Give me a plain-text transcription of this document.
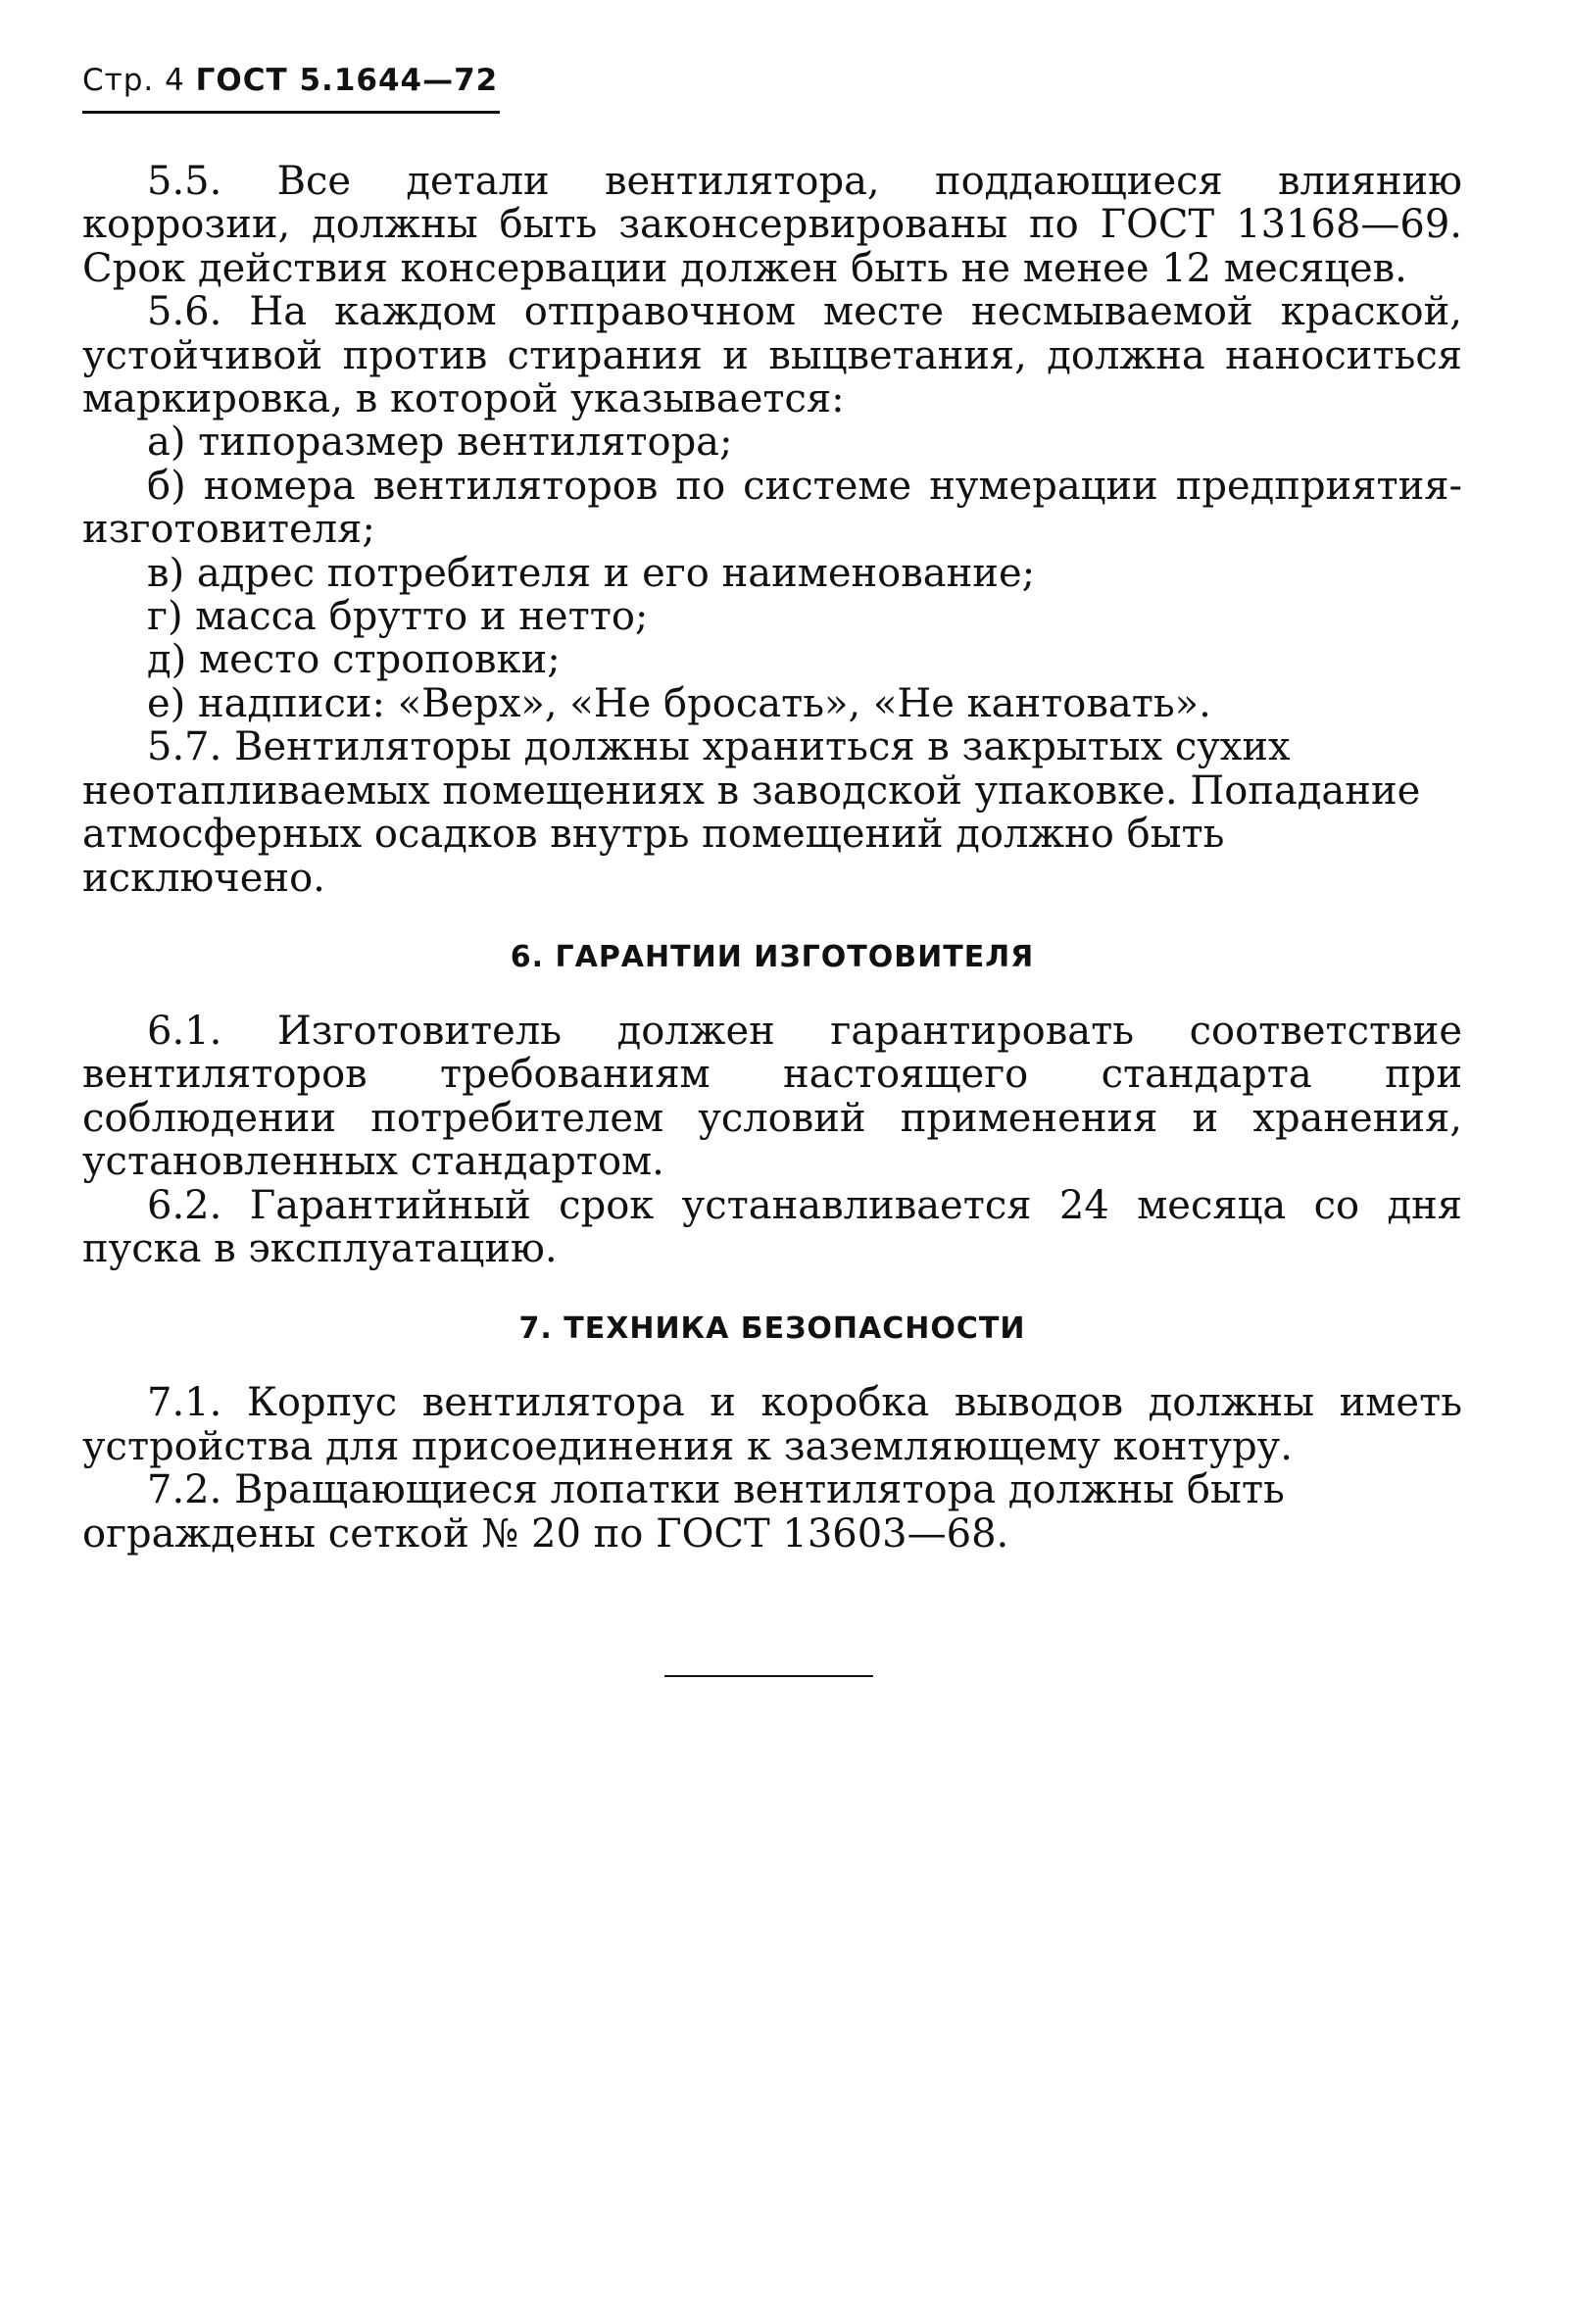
Стр. 4 ГОСТ 5.1644—72

5.5. Все детали вентилятора, поддающиеся влиянию коррозии, должны быть законсервированы по ГОСТ 13168—69. Срок действия консервации должен быть не менее 12 месяцев.

5.6. На каждом отправочном месте несмываемой краской, устойчивой против стирания и выцветания, должна наноситься маркировка, в которой указывается:

а) типоразмер вентилятора;

б) номера вентиляторов по системе нумерации предприятия-изготовителя;

в) адрес потребителя и его наименование;

г) масса брутто и нетто;

д) место строповки;

е) надписи: «Верх», «Не бросать», «Не кантовать».

5.7. Вентиляторы должны храниться в закрытых сухих неотапливаемых помещениях в заводской упаковке. Попадание атмосферных осадков внутрь помещений должно быть исключено.

6. ГАРАНТИИ ИЗГОТОВИТЕЛЯ

6.1. Изготовитель должен гарантировать соответствие вентиляторов требованиям настоящего стандарта при соблюдении потребителем условий применения и хранения, установленных стандартом.

6.2. Гарантийный срок устанавливается 24 месяца со дня пуска в эксплуатацию.

7. ТЕХНИКА БЕЗОПАСНОСТИ

7.1. Корпус вентилятора и коробка выводов должны иметь устройства для присоединения к заземляющему контуру.

7.2. Вращающиеся лопатки вентилятора должны быть ограждены сеткой № 20 по ГОСТ 13603—68.
